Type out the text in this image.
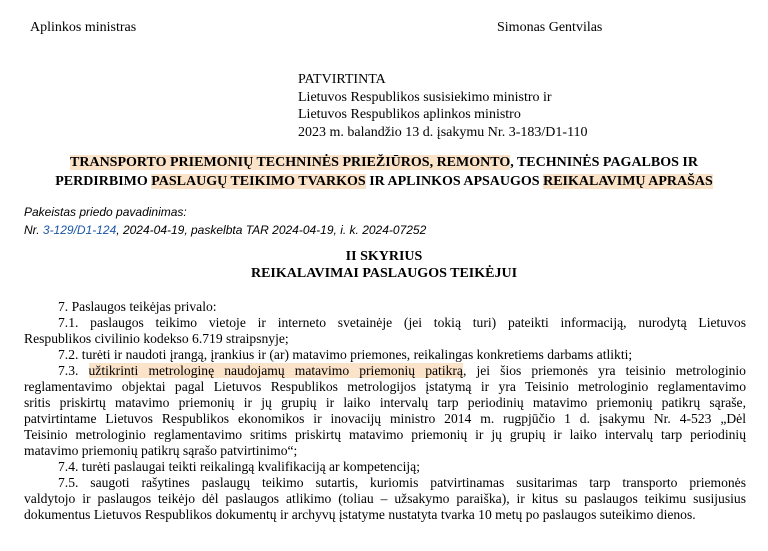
Aplinkos ministras	Simonas Gentvilas
PATVIRTINTA
Lietuvos Respublikos susisiekimo ministro ir
Lietuvos Respublikos aplinkos ministro
2023 m. balandžio 13 d. įsakymu Nr. 3-183/D1-110
TRANSPORTO PRIEMONIŲ TECHNINĖS PRIEŽIŪROS, REMONTO, TECHNINĖS PAGALBOS IR
PERDIRBIMO PASLAUGŲ TEIKIMO TVARKOS IR APLINKOS APSAUGOS REIKALAVIMŲ APRAŠAS
Pakeistas priedo pavadinimas:
Nr. 3-129/D1-124, 2024-04-19, paskelbta TAR 2024-04-19, i. k. 2024-07252
II SKYRIUS
REIKALAVIMAI PASLAUGOS TEIKĖJUI
7. Paslaugos teikėjas privalo:
7.1. paslaugos teikimo vietoje ir interneto svetainėje (jei tokią turi) pateikti informaciją, nurodytą Lietuvos
Respublikos civilinio kodekso 6.719 straipsnyje;
7.2. turėti ir naudoti įrangą, įrankius ir (ar) matavimo priemones, reikalingas konkretiems darbams atlikti;
7.3. užtikrinti metrologinę naudojamų matavimo priemonių patikrą, jei šios priemonės yra teisinio metrologinio
reglamentavimo objektai pagal Lietuvos Respublikos metrologijos įstatymą ir yra Teisinio metrologinio reglamentavimo
sritis priskirtų matavimo priemonių ir jų grupių ir laiko intervalų tarp periodinių matavimo priemonių patikrų sąraše,
patvirtintame Lietuvos Respublikos ekonomikos ir inovacijų ministro 2014 m. rugpjūčio 1 d. įsakymu Nr. 4-523 „Dėl
Teisinio metrologinio reglamentavimo sritims priskirtų matavimo priemonių ir jų grupių ir laiko intervalų tarp periodinių
matavimo priemonių patikrų sąrašo patvirtinimo“;
7.4. turėti paslaugai teikti reikalingą kvalifikaciją ar kompetenciją;
7.5. saugoti rašytines paslaugų teikimo sutartis, kuriomis patvirtinamas susitarimas tarp transporto priemonės
valdytojo ir paslaugos teikėjo dėl paslaugos atlikimo (toliau – užsakymo paraiška), ir kitus su paslaugos teikimu susijusius
dokumentus Lietuvos Respublikos dokumentų ir archyvų įstatyme nustatyta tvarka 10 metų po paslaugos suteikimo dienos.
